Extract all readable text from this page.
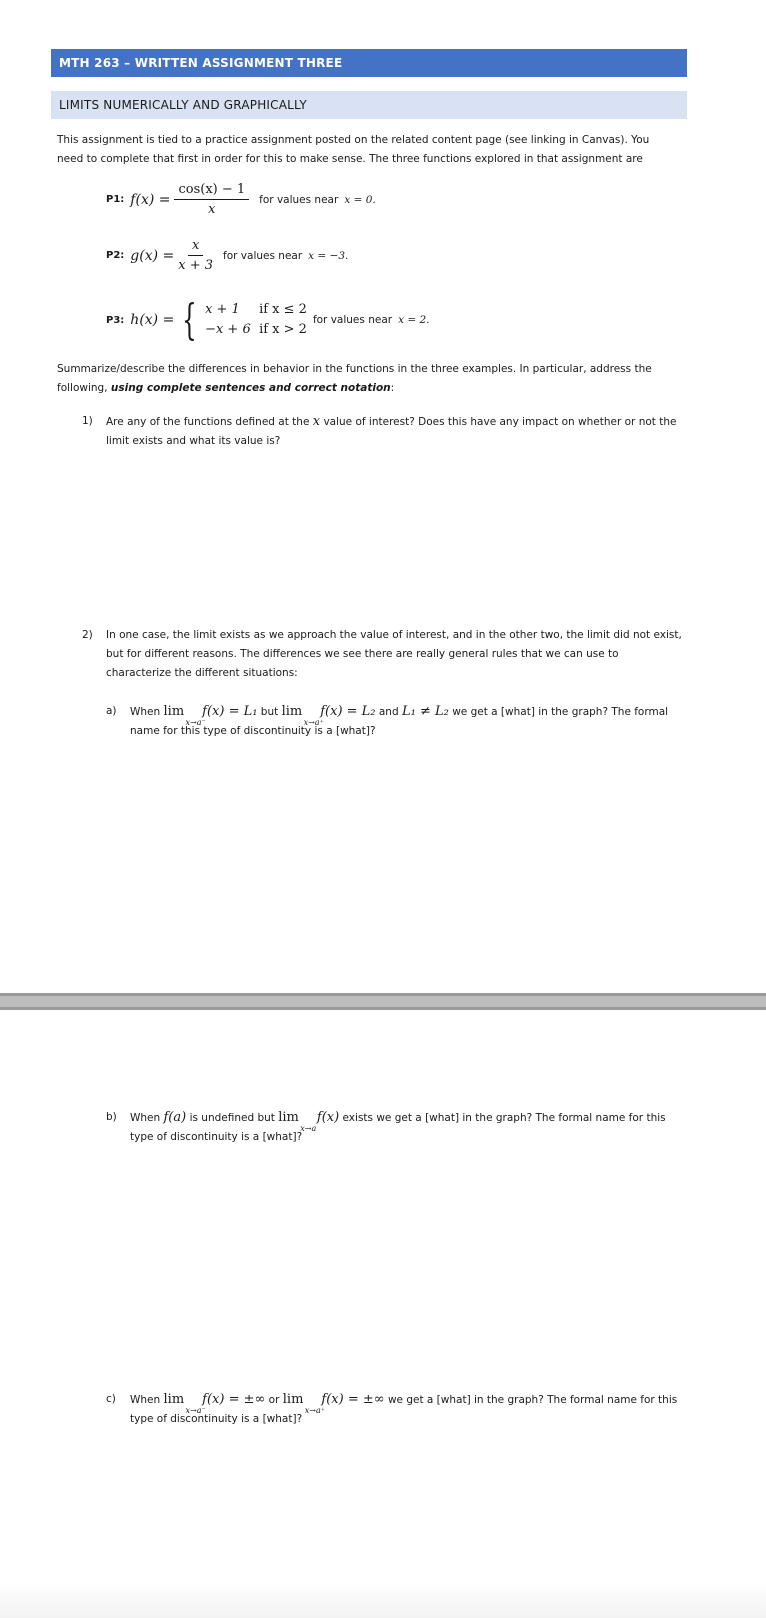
MTH 263 – WRITTEN ASSIGNMENT THREE
LIMITS NUMERICALLY AND GRAPHICALLY
This assignment is tied to a practice assignment posted on the related content page (see linking in Canvas). You need to complete that first in order for this to make sense. The three functions explored in that assignment are
P1: $f(x) = \frac{\cos(x) - 1}{x}$ for values near x = 0.
P2: $g(x) = \frac{x}{x + 3}$ for values near x = −3.
P3: h(x) = { x + 1	if x ≤ 2
−x + 6 if x > 2
for values near x = 2.
Summarize/describe the differences in behavior in the functions in the three examples. In particular, address the following, using complete sentences and correct notation:
1)	Are any of the functions defined at the x value of interest? Does this have any impact on whether or not the limit exists and what its value is?
2)	In one case, the limit exists as we approach the value of interest, and in the other two, the limit did not exist, but for different reasons. The differences we see there are really general rules that we can use to characterize the different situations:
a)	When lim
x→a⁻
f(x) = L₁ but lim
x→a⁺
f(x) = L₂ and L₁ ≠ L₂ we get a [what] in the graph? The formal name for this type of discontinuity is a [what]?
b)	When f(a) is undefined but lim
x→a
f(x) exists we get a [what] in the graph? The formal name for this type of discontinuity is a [what]?
c)	When lim
x→a⁻
f(x) = ±∞ or lim
x→a⁺
f(x) = ±∞ we get a [what] in the graph? The formal name for this type of discontinuity is a [what]?
